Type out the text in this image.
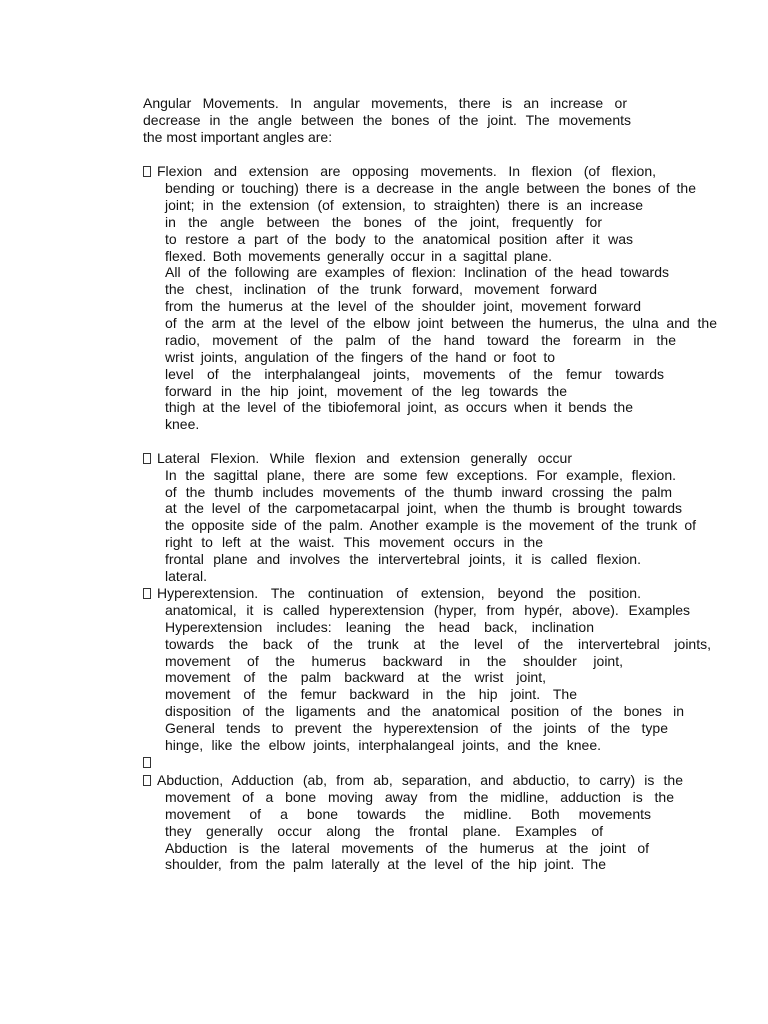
Angular Movements. In angular movements, there is an increase or
decrease in the angle between the bones of the joint. The movements
the most important angles are:
Flexion and extension are opposing movements. In flexion (of flexion,
bending or touching) there is a decrease in the angle between the bones of the
joint; in the extension (of extension, to straighten) there is an increase
in the angle between the bones of the joint, frequently for
to restore a part of the body to the anatomical position after it was
flexed. Both movements generally occur in a sagittal plane.
All of the following are examples of flexion: Inclination of the head towards
the chest, inclination of the trunk forward, movement forward
from the humerus at the level of the shoulder joint, movement forward
of the arm at the level of the elbow joint between the humerus, the ulna and the
radio, movement of the palm of the hand toward the forearm in the
wrist joints, angulation of the fingers of the hand or foot to
level of the interphalangeal joints, movements of the femur towards
forward in the hip joint, movement of the leg towards the
thigh at the level of the tibiofemoral joint, as occurs when it bends the
knee.
Lateral Flexion. While flexion and extension generally occur
In the sagittal plane, there are some few exceptions. For example, flexion.
of the thumb includes movements of the thumb inward crossing the palm
at the level of the carpometacarpal joint, when the thumb is brought towards
the opposite side of the palm. Another example is the movement of the trunk of
right to left at the waist. This movement occurs in the
frontal plane and involves the intervertebral joints, it is called flexion.
lateral.
Hyperextension. The continuation of extension, beyond the position.
anatomical, it is called hyperextension (hyper, from hypér, above). Examples
Hyperextension includes: leaning the head back, inclination
towards the back of the trunk at the level of the intervertebral joints,
movement of the humerus backward in the shoulder joint,
movement of the palm backward at the wrist joint,
movement of the femur backward in the hip joint. The
disposition of the ligaments and the anatomical position of the bones in
General tends to prevent the hyperextension of the joints of the type
hinge, like the elbow joints, interphalangeal joints, and the knee.
Abduction, Adduction (ab, from ab, separation, and abductio, to carry) is the
movement of a bone moving away from the midline, adduction is the
movement of a bone towards the midline. Both movements
they generally occur along the frontal plane. Examples of
Abduction is the lateral movements of the humerus at the joint of
shoulder, from the palm laterally at the level of the hip joint. The
